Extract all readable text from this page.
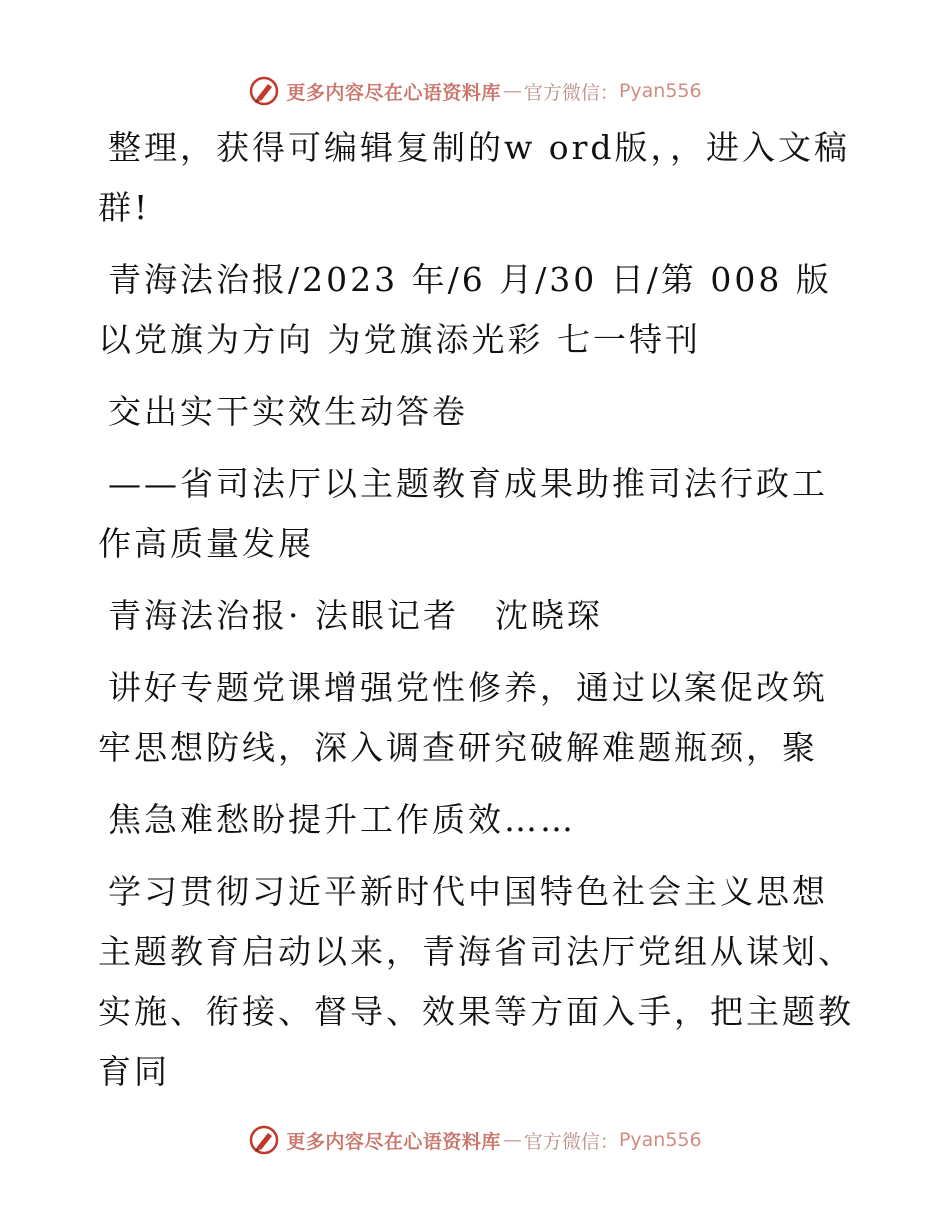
更多内容尽在心语资料库 — 官方微信： Pyan556

整理，获得可编辑复制的w ord版，，进入文稿群!

青海法治报/2023 年/6 月/30 日/第 008 版以党旗为方向 为党旗添光彩 七一特刊

交出实干实效生动答卷

——省司法厅以主题教育成果助推司法行政工作高质量发展

青海法治报· 法眼记者　沈晓琛

讲好专题党课增强党性修养，通过以案促改筑牢思想防线，深入调查研究破解难题瓶颈，聚

焦急难愁盼提升工作质效……

学习贯彻习近平新时代中国特色社会主义思想主题教育启动以来，青海省司法厅党组从谋划、实施、衔接、督导、效果等方面入手，把主题教育同

更多内容尽在心语资料库 — 官方微信： Pyan556
